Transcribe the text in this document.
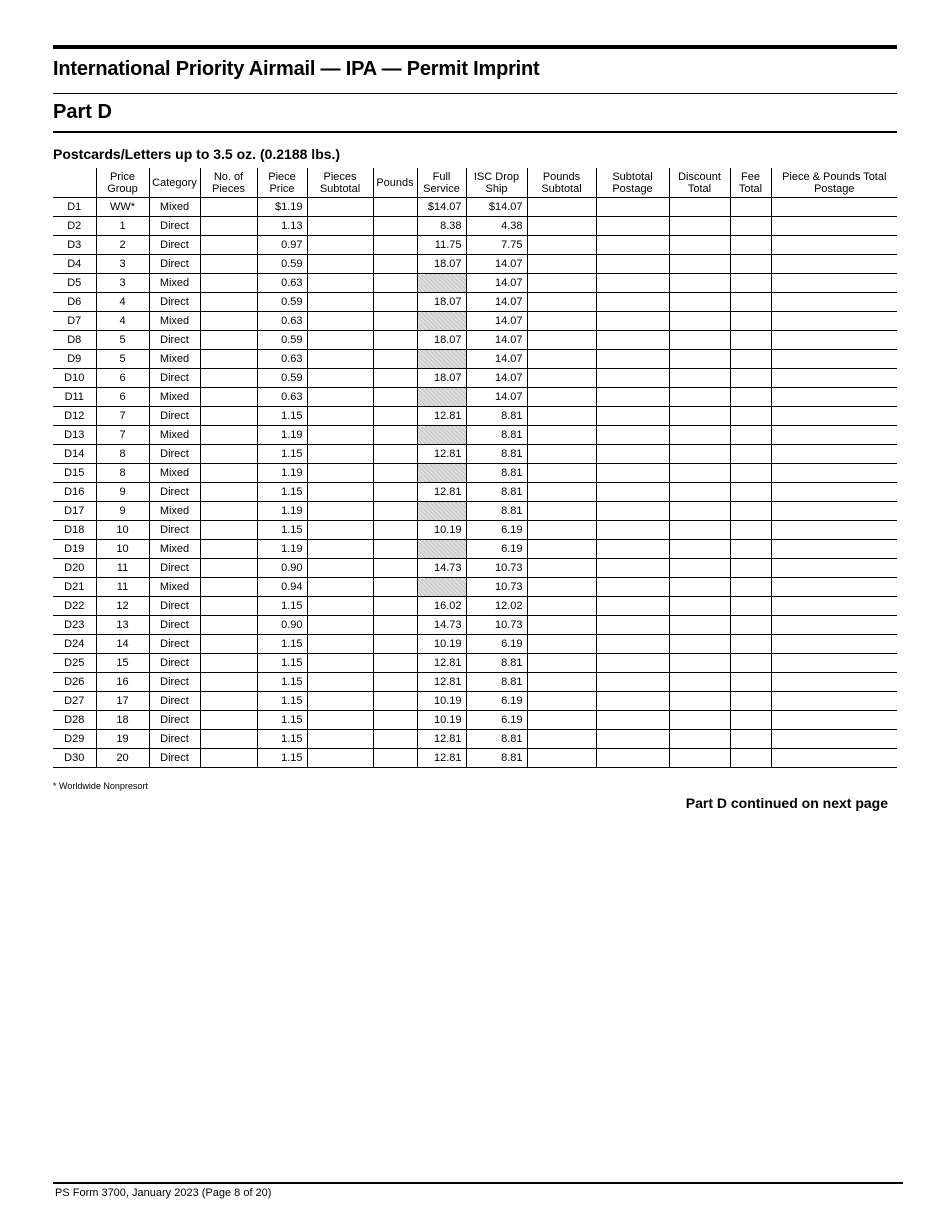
International Priority Airmail — IPA — Permit Imprint
Part D
Postcards/Letters up to 3.5 oz. (0.2188 lbs.)
	Price Group	Category	No. of Pieces	Piece Price	Pieces Subtotal	Pounds	Full Service	ISC Drop Ship	Pounds Subtotal	Subtotal Postage	Discount Total	Fee Total	Piece & Pounds Total Postage
D1	WW*	Mixed		$1.19			$14.07	$14.07					
D2	1	Direct		1.13			8.38	4.38					
D3	2	Direct		0.97			11.75	7.75					
D4	3	Direct		0.59			18.07	14.07					
D5	3	Mixed		0.63				14.07					
D6	4	Direct		0.59			18.07	14.07					
D7	4	Mixed		0.63				14.07					
D8	5	Direct		0.59			18.07	14.07					
D9	5	Mixed		0.63				14.07					
D10	6	Direct		0.59			18.07	14.07					
D11	6	Mixed		0.63				14.07					
D12	7	Direct		1.15			12.81	8.81					
D13	7	Mixed		1.19				8.81					
D14	8	Direct		1.15			12.81	8.81					
D15	8	Mixed		1.19				8.81					
D16	9	Direct		1.15			12.81	8.81					
D17	9	Mixed		1.19				8.81					
D18	10	Direct		1.15			10.19	6.19					
D19	10	Mixed		1.19				6.19					
D20	11	Direct		0.90			14.73	10.73					
D21	11	Mixed		0.94				10.73					
D22	12	Direct		1.15			16.02	12.02					
D23	13	Direct		0.90			14.73	10.73					
D24	14	Direct		1.15			10.19	6.19					
D25	15	Direct		1.15			12.81	8.81					
D26	16	Direct		1.15			12.81	8.81					
D27	17	Direct		1.15			10.19	6.19					
D28	18	Direct		1.15			10.19	6.19					
D29	19	Direct		1.15			12.81	8.81					
D30	20	Direct		1.15			12.81	8.81					
* Worldwide Nonpresort
Part D continued on next page
PS Form 3700, January 2023 (Page 8 of 20)
